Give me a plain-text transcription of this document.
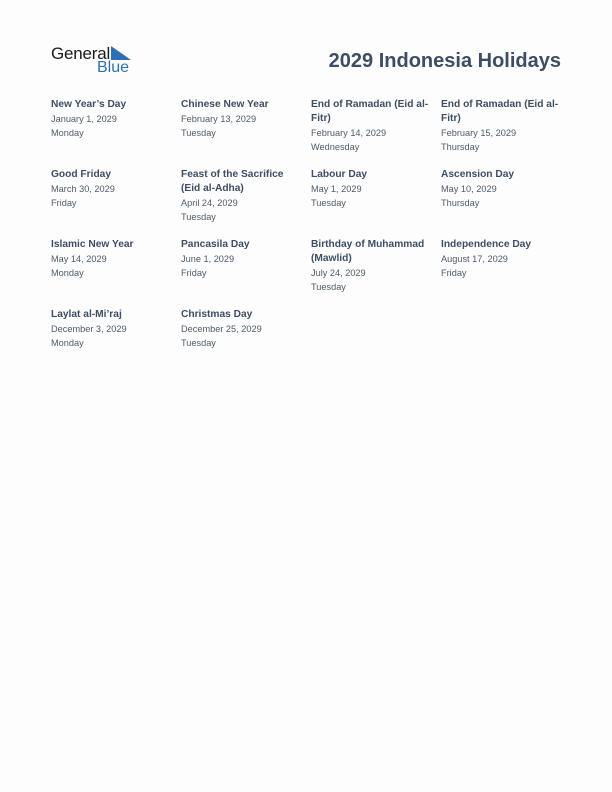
General
Blue	2029 Indonesia Holidays
New Year’s Day
January 1, 2029
Monday
Chinese New Year
February 13, 2029
Tuesday
End of Ramadan (Eid al-Fitr)
February 14, 2029
Wednesday
End of Ramadan (Eid al-Fitr)
February 15, 2029
Thursday
Good Friday
March 30, 2029
Friday
Feast of the Sacrifice (Eid al-Adha)
April 24, 2029
Tuesday
Labour Day
May 1, 2029
Tuesday
Ascension Day
May 10, 2029
Thursday
Islamic New Year
May 14, 2029
Monday
Pancasila Day
June 1, 2029
Friday
Birthday of Muhammad (Mawlid)
July 24, 2029
Tuesday
Independence Day
August 17, 2029
Friday
Laylat al-Mi’raj
December 3, 2029
Monday
Christmas Day
December 25, 2029
Tuesday
